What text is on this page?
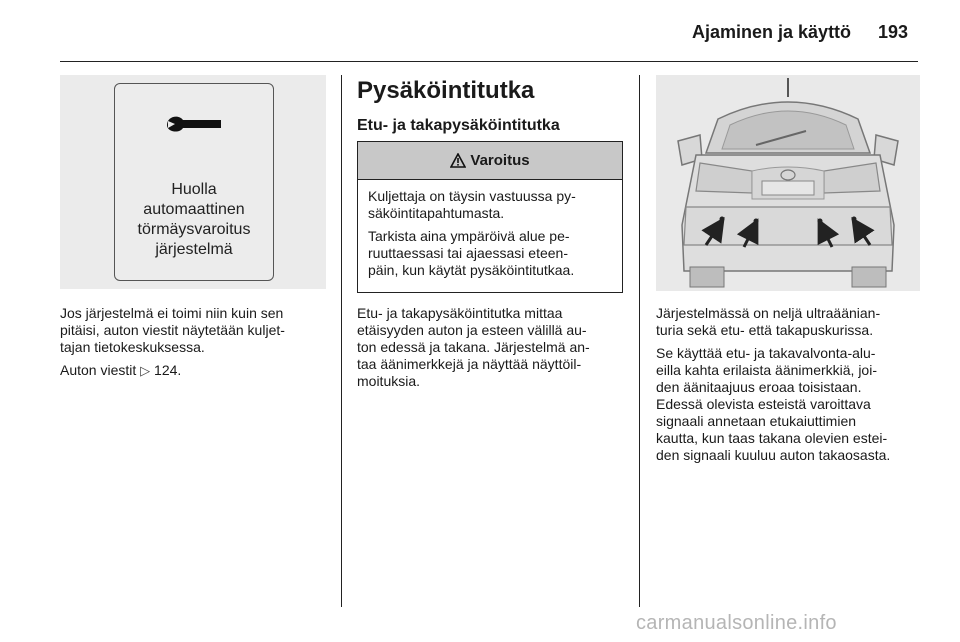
Ajaminen ja käyttö 193
Huolla
automaattinen
törmäysvaroitus
järjestelmä

Jos järjestelmä ei toimi niin kuin sen
pitäisi, auton viestit näytetään kuljet-
tajan tietokeskuksessa.

Auton viestit ▷ 124.

Pysäköintitutka
Etu- ja takapysäköintitutka
Varoitus

Kuljettaja on täysin vastuussa py-
säköintitapahtumasta.

Tarkista aina ympäröivä alue pe-
ruuttaessasi tai ajaessasi eteen-
päin, kun käytät pysäköintitutkaa.

Etu- ja takapysäköintitutka mittaa
etäisyyden auton ja esteen välillä au-
ton edessä ja takana. Järjestelmä an-
taa äänimerkkejä ja näyttää näyttöil-
moituksia.

Järjestelmässä on neljä ultraäänian-
turia sekä etu- että takapuskurissa.

Se käyttää etu- ja takavalvonta-alu-
eilla kahta erilaista äänimerkkiä, joi-
den äänitaajuus eroaa toisistaan.
Edessä olevista esteistä varoittava
signaali annetaan etukaiuttimien
kautta, kun taas takana olevien estei-
den signaali kuuluu auton takaosasta.

carmanualsonline.info
